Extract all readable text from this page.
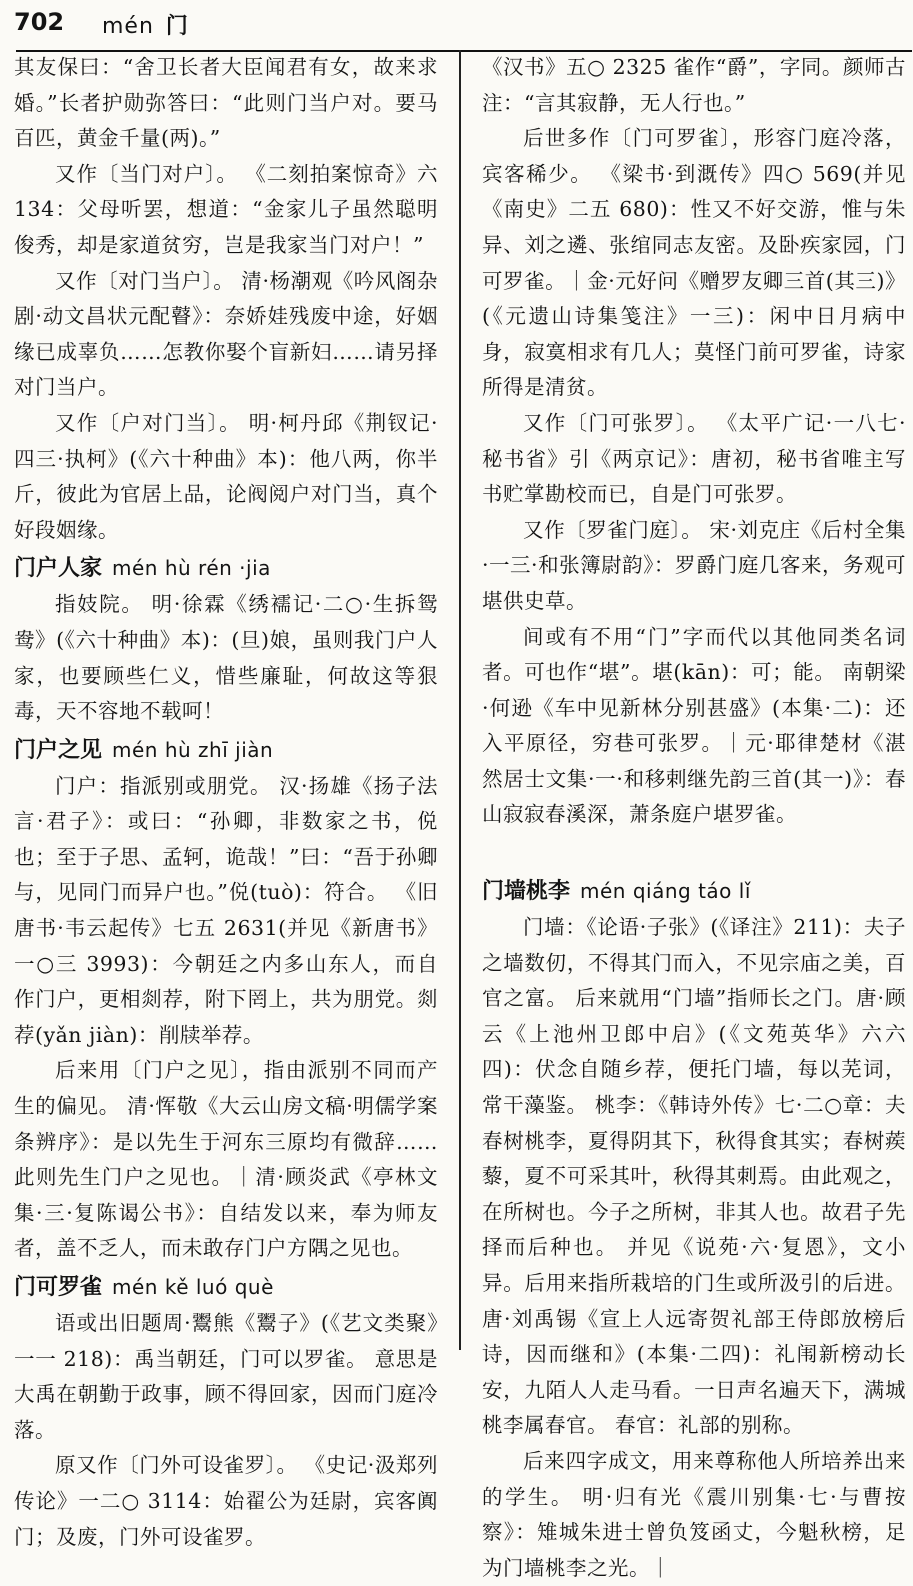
702 mén 门

其友保曰：“舍卫长者大臣闻君有女，故来求婚。”长者护勋弥答曰：“此则门当户对。要马百匹，黄金千量(两)。”

又作〔当门对户〕。 《二刻拍案惊奇》六 134：父母听罢，想道：“金家儿子虽然聪明俊秀，却是家道贫穷，岂是我家当门对户！”

又作〔对门当户〕。 清·杨潮观《吟风阁杂剧·动文昌状元配瞽》：奈娇娃残废中途，好姻缘已成辜负……怎教你娶个盲新妇……请另择对门当户。

又作〔户对门当〕。 明·柯丹邱《荆钗记·四三·执柯》(《六十种曲》本)：他八两，你半斤，彼此为官居上品，论阀阅户对门当，真个好段姻缘。

门户人家 mén hù rén ·jia

指妓院。 明·徐霖《绣襦记·二○·生拆鸳鸯》(《六十种曲》本)：(旦)娘，虽则我门户人家，也要顾些仁义，惜些廉耻，何故这等狠毒，天不容地不载呵！

门户之见 mén hù zhī jiàn

门户：指派别或朋党。 汉·扬雄《扬子法言·君子》：或曰：“孙卿，非数家之书，侻也；至于子思、孟轲，诡哉！”曰：“吾于孙卿与，见同门而异户也。”侻(tuò)：符合。 《旧唐书·韦云起传》七五 2631(并见《新唐书》一○三 3993)：今朝廷之内多山东人，而自作门户，更相剡荐，附下罔上，共为朋党。剡荐(yǎn jiàn)：削牍举荐。

后来用〔门户之见〕，指由派别不同而产生的偏见。 清·恽敬《大云山房文稿·明儒学案条辨序》：是以先生于河东三原均有微辞……此则先生门户之见也。｜清·顾炎武《亭林文集·三·复陈谒公书》：自结发以来，奉为师友者，盖不乏人，而未敢存门户方隅之见也。

门可罗雀 mén kě luó què

语或出旧题周·鬻熊《鬻子》(《艺文类聚》一一 218)：禹当朝廷，门可以罗雀。 意思是大禹在朝勤于政事，顾不得回家，因而门庭冷落。

原又作〔门外可设雀罗〕。 《史记·汲郑列传论》一二○ 3114：始翟公为廷尉，宾客阗门；及废，门外可设雀罗。

《汉书》五○ 2325 雀作“爵”，字同。颜师古注：“言其寂静，无人行也。”

后世多作〔门可罗雀〕，形容门庭冷落，宾客稀少。 《梁书·到溉传》四○ 569(并见《南史》二五 680)：性又不好交游，惟与朱异、刘之遴、张绾同志友密。及卧疾家园，门可罗雀。｜金·元好问《赠罗友卿三首(其三)》(《元遗山诗集笺注》一三)：闲中日月病中身，寂寞相求有几人；莫怪门前可罗雀，诗家所得是清贫。

又作〔门可张罗〕。 《太平广记·一八七·秘书省》引《两京记》：唐初，秘书省唯主写书贮掌勘校而已，自是门可张罗。

又作〔罗雀门庭〕。 宋·刘克庄《后村全集·一三·和张簿尉韵》：罗爵门庭几客来，务观可堪供史草。

间或有不用“门”字而代以其他同类名词者。可也作“堪”。堪(kān)：可；能。 南朝梁·何逊《车中见新林分别甚盛》(本集·二)：还入平原径，穷巷可张罗。｜元·耶律楚材《湛然居士文集·一·和移剌继先韵三首(其一)》：春山寂寂春溪深，萧条庭户堪罗雀。

门墙桃李 mén qiáng táo lǐ

门墙：《论语·子张》(《译注》211)：夫子之墙数仞，不得其门而入，不见宗庙之美，百官之富。 后来就用“门墙”指师长之门。唐·顾云《上池州卫郎中启》(《文苑英华》六六四)：伏念自随乡荐，便托门墙，每以芜词，常干藻鉴。 桃李：《韩诗外传》七·二○章：夫春树桃李，夏得阴其下，秋得食其实；春树蒺藜，夏不可采其叶，秋得其刺焉。由此观之，在所树也。今子之所树，非其人也。故君子先择而后种也。 并见《说苑·六·复恩》，文小异。后用来指所栽培的门生或所汲引的后进。 唐·刘禹锡《宣上人远寄贺礼部王侍郎放榜后诗，因而继和》(本集·二四)：礼闱新榜动长安，九陌人人走马看。一日声名遍天下，满城桃李属春官。 春官：礼部的别称。

后来四字成文，用来尊称他人所培养出来的学生。 明·归有光《震川别集·七·与曹按察》：雉城朱进士曾负笈函丈，今魁秋榜，足为门墙桃李之光。｜
